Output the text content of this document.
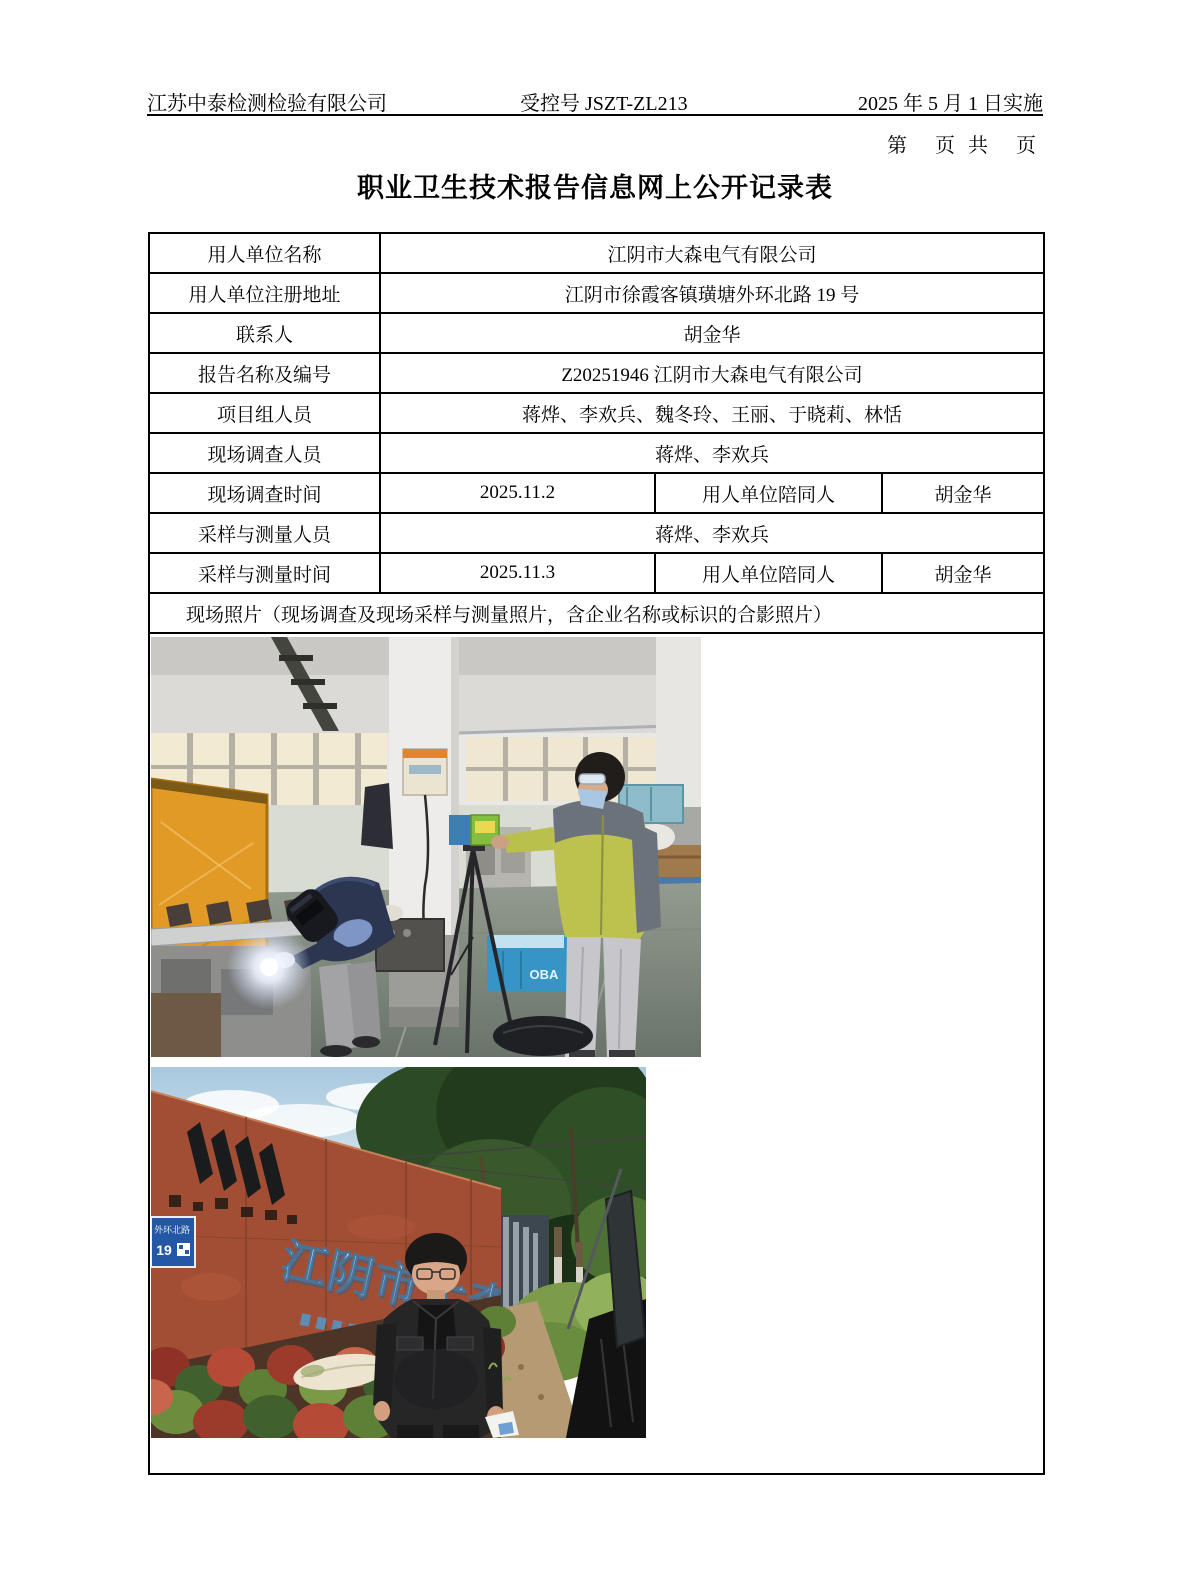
江苏中泰检测检验有限公司	受控号 JSZT-ZL213	2025 年 5 月 1 日实施
第　页 共　页
职业卫生技术报告信息网上公开记录表
用人单位名称	江阴市大森电气有限公司		
用人单位注册地址	江阴市徐霞客镇璜塘外环北路 19 号		
联系人	胡金华		
报告名称及编号	Z20251946 江阴市大森电气有限公司		
项目组人员	蒋烨、李欢兵、魏冬玲、王丽、于晓莉、林恬		
现场调查人员	蒋烨、李欢兵		
现场调查时间	2025.11.2	用人单位陪同人	胡金华
采样与测量人员	蒋烨、李欢兵		
采样与测量时间	2025.11.3	用人单位陪同人	胡金华
现场照片（现场调查及现场采样与测量照片，含企业名称或标识的合影照片）			

OBA
外环北路
19			
